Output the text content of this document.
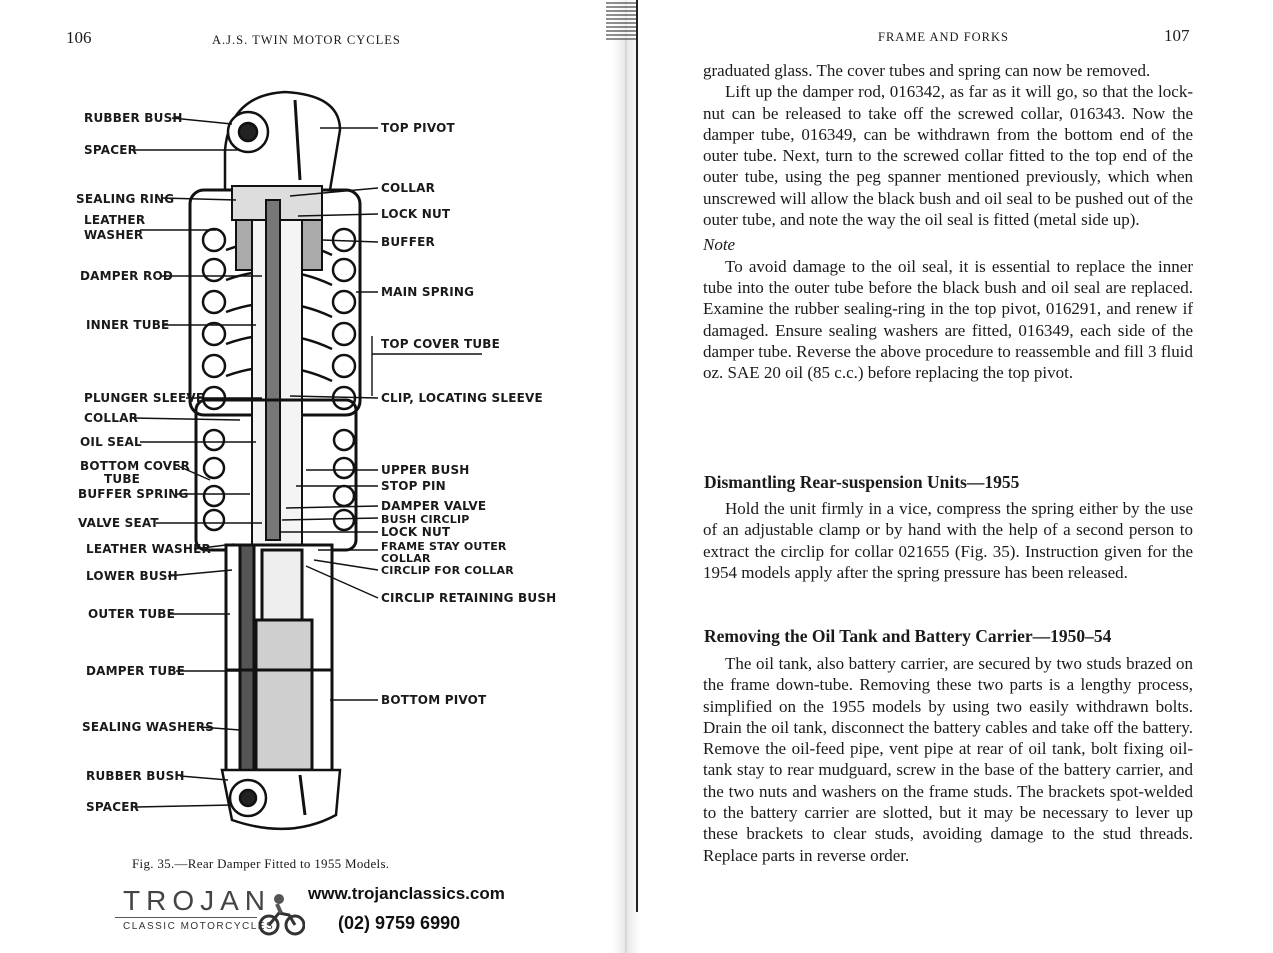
106	A.J.S. TWIN MOTOR CYCLES
RUBBER BUSH
SPACER
SEALING RING
LEATHER
WASHER
DAMPER ROD
INNER TUBE
PLUNGER SLEEVE
COLLAR
OIL SEAL
BOTTOM COVER
TUBE
BUFFER SPRING
VALVE SEAT
LEATHER WASHER
LOWER BUSH
OUTER TUBE
DAMPER TUBE
SEALING WASHERS
RUBBER BUSH
SPACER
TOP PIVOT
COLLAR
LOCK NUT
BUFFER
MAIN SPRING
TOP COVER TUBE
CLIP, LOCATING SLEEVE
UPPER BUSH
STOP PIN
DAMPER VALVE
BUSH CIRCLIP
LOCK NUT
FRAME STAY OUTER
COLLAR
CIRCLIP FOR COLLAR
CIRCLIP RETAINING BUSH
BOTTOM PIVOT
Fig. 35.—Rear Damper Fitted to 1955 Models.
TROJAN
CLASSIC MOTORCYCLES
www.trojanclassics.com
(02) 9759 6990
FRAME AND FORKS	107

graduated glass. The cover tubes and spring can now be removed.

Lift up the damper rod, 016342, as far as it will go, so that the lock-nut can be released to take off the screwed collar, 016343. Now the damper tube, 016349, can be withdrawn from the bottom end of the outer tube. Next, turn to the screwed collar fitted to the top end of the outer tube, using the peg spanner mentioned previously, which when unscrewed will allow the black bush and oil seal to be pushed out of the outer tube, and note the way the oil seal is fitted (metal side up).

Note

To avoid damage to the oil seal, it is essential to replace the inner tube into the outer tube before the black bush and oil seal are replaced. Examine the rubber sealing-ring in the top pivot, 016291, and renew if damaged. Ensure sealing washers are fitted, 016349, each side of the damper tube. Reverse the above procedure to reassemble and fill 3 fluid oz. SAE 20 oil (85 c.c.) before replacing the top pivot.

Dismantling Rear-suspension Units—1955

Hold the unit firmly in a vice, compress the spring either by the use of an adjustable clamp or by hand with the help of a second person to extract the circlip for collar 021655 (Fig. 35). Instruction given for the 1954 models apply after the spring pressure has been released.

Removing the Oil Tank and Battery Carrier—1950–54

The oil tank, also battery carrier, are secured by two studs brazed on the frame down-tube. Removing these two parts is a lengthy process, simplified on the 1955 models by using two easily withdrawn bolts. Drain the oil tank, disconnect the battery cables and take off the battery. Remove the oil-feed pipe, vent pipe at rear of oil tank, bolt fixing oil-tank stay to rear mudguard, screw in the base of the battery carrier, and the two nuts and washers on the frame studs. The brackets spot-welded to the battery carrier are slotted, but it may be necessary to lever up these brackets to clear studs, avoiding damage to the stud threads. Replace parts in reverse order.
